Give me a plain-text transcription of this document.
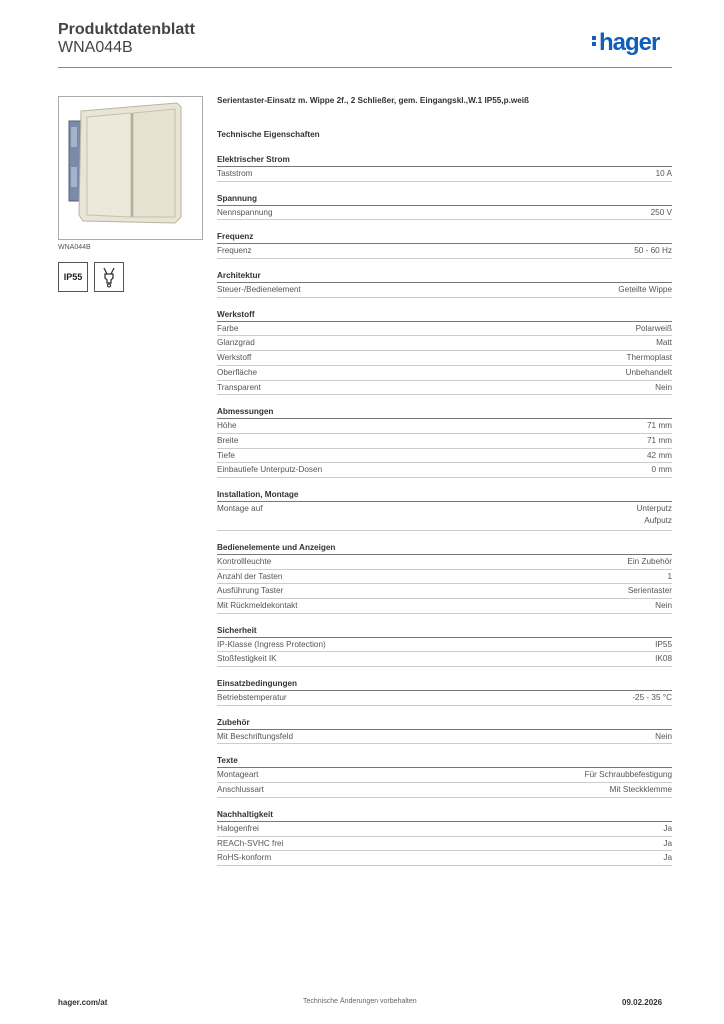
Produktdatenblatt
WNA044B	hager
WNA044B
IP55
Serientaster-Einsatz m. Wippe 2f., 2 Schließer, gem. Eingangskl.,W.1 IP55,p.weiß
Technische Eigenschaften
Elektrischer Strom
Taststrom	10 A
Spannung
Nennspannung	250 V
Frequenz
Frequenz	50 - 60 Hz
Architektur
Steuer-/Bedienelement	Geteilte Wippe
Werkstoff
Farbe	Polarweiß
Glanzgrad	Matt
Werkstoff	Thermoplast
Oberfläche	Unbehandelt
Transparent	Nein
Abmessungen
Höhe	71 mm
Breite	71 mm
Tiefe	42 mm
Einbautiefe Unterputz-Dosen	0 mm
Installation, Montage
Montage auf	Unterputz
Aufputz
Bedienelemente und Anzeigen
Kontrollleuchte	Ein Zubehör
Anzahl der Tasten	1
Ausführung Taster	Serientaster
Mit Rückmeldekontakt	Nein
Sicherheit
IP-Klasse (Ingress Protection)	IP55
Stoßfestigkeit IK	IK08
Einsatzbedingungen
Betriebstemperatur	-25 - 35 °C
Zubehör
Mit Beschriftungsfeld	Nein
Texte
Montageart	Für Schraubbefestigung
Anschlussart	Mit Steckklemme
Nachhaltigkeit
Halogenfrei	Ja
REACh-SVHC frei	Ja
RoHS-konform	Ja
hager.com/at	Technische Änderungen vorbehalten	09.02.2026
